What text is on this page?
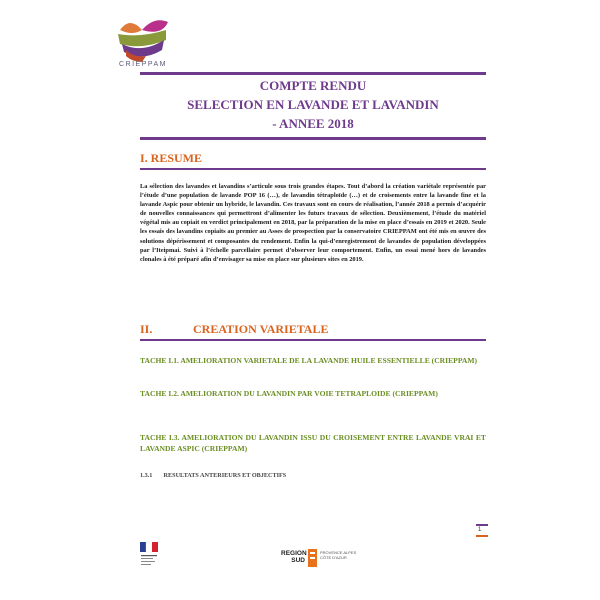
CRIEPPAM
COMPTE RENDU
SELECTION EN LAVANDE ET LAVANDIN
- ANNEE 2018
I. RESUME
La sélection des lavandes et lavandins s’articule sous trois grandes étapes. Tout d’abord la création variétale représentée par l’étude d’une population de lavande POP 16 (…), de lavandin tétraploïde (…) et de croisements entre la lavande fine et la lavande Aspic pour obtenir un hybride, le lavandin. Ces travaux sont en cours de réalisation, l’année 2018 a permis d’acquérir de nouvelles connaissances qui permettront d’alimenter les futurs travaux de sélection. Deuxièmement, l’étude du matériel végétal mis au copiait en verdict principalement en 2018, par la préparation de la mise en place d’essais en 2019 et 2020. Seule les essais des lavandins copiaits au premier au Asses de prospection par la conservatoire CRIEPPAM ont été mis en œuvre des solutions dépérissement et composantes du rendement. Enfin la qui-d’enregistrement de lavandes de population développées par l’Iteipmai. Suivi à l’échelle parcellaire permet d’observer leur comportement. Enfin, un essai mené hors de lavandes clonales à été préparé afin d’envisager sa mise en place sur plusieurs sites en 2019.
II.	CREATION VARIETALE
TACHE I.1. AMELIORATION VARIETALE DE LA LAVANDE HUILE ESSENTIELLE (CRIEPPAM)
TACHE I.2. AMELIORATION DU LAVANDIN PAR VOIE TETRAPLOIDE (CRIEPPAM)
TACHE I.3. AMELIORATION DU LAVANDIN ISSU DU CROISEMENT ENTRE LAVANDE VRAI ET LAVANDE ASPIC (CRIEPPAM)
1.3.1 RESULTATS ANTERIEURS ET OBJECTIFS
1
REGION SUD
PROVENCE ALPES CÔTE D'AZUR
